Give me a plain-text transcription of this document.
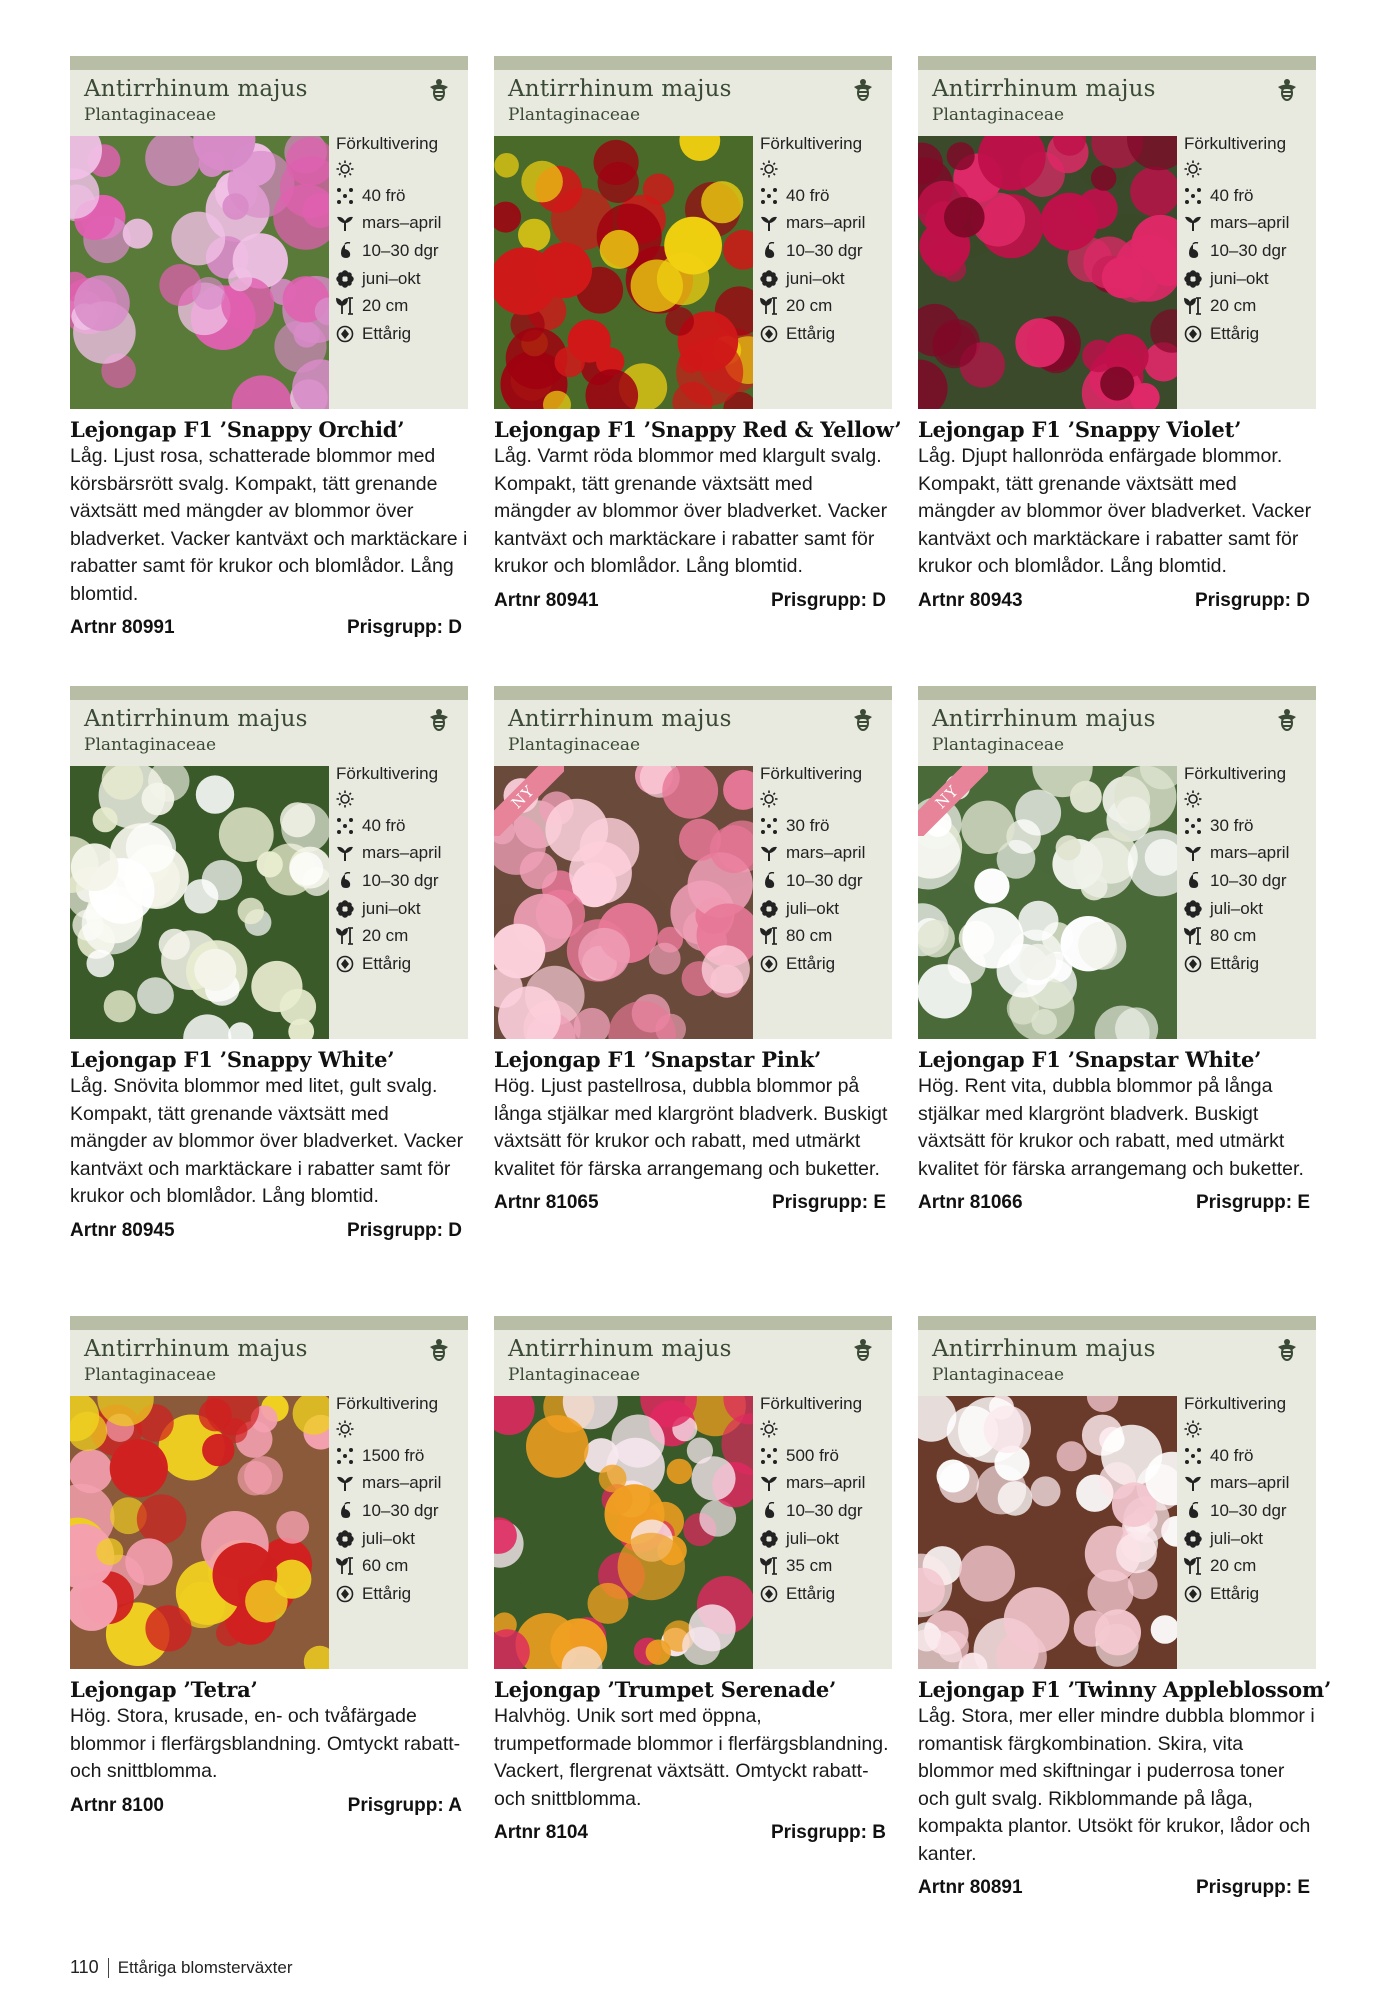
Antirrhinum majus
Plantaginaceae
Förkultivering
40 frö
mars–april
10–30 dgr
juni–okt
20 cm
Ettårig
Lejongap F1 ’Snappy Orchid’
Låg. Ljust rosa, schatterade blommor med körsbärsrött svalg. Kompakt, tätt grenande växtsätt med mängder av blommor över bladverket. Vacker kantväxt och marktäckare i rabatter samt för krukor och blomlådor. Lång blomtid.
Artnr 80991	Prisgrupp: D
Antirrhinum majus
Plantaginaceae
Förkultivering
40 frö
mars–april
10–30 dgr
juni–okt
20 cm
Ettårig
Lejongap F1 ’Snappy Red & Yellow’
Låg. Varmt röda blommor med klargult svalg. Kompakt, tätt grenande växtsätt med mängder av blommor över bladverket. Vacker kantväxt och marktäckare i rabatter samt för krukor och blomlådor. Lång blomtid.
Artnr 80941	Prisgrupp: D
Antirrhinum majus
Plantaginaceae
Förkultivering
40 frö
mars–april
10–30 dgr
juni–okt
20 cm
Ettårig
Lejongap F1 ’Snappy Violet’
Låg. Djupt hallonröda enfärgade blommor. Kompakt, tätt grenande växtsätt med mängder av blommor över bladverket. Vacker kantväxt och marktäckare i rabatter samt för krukor och blomlådor. Lång blomtid.
Artnr 80943	Prisgrupp: D
Antirrhinum majus
Plantaginaceae
Förkultivering
40 frö
mars–april
10–30 dgr
juni–okt
20 cm
Ettårig
Lejongap F1 ’Snappy White’
Låg. Snövita blommor med litet, gult svalg. Kompakt, tätt grenande växtsätt med mängder av blommor över bladverket. Vacker kantväxt och marktäckare i rabatter samt för krukor och blomlådor. Lång blomtid.
Artnr 80945	Prisgrupp: D
Antirrhinum majus
Plantaginaceae
NY
Förkultivering
30 frö
mars–april
10–30 dgr
juli–okt
80 cm
Ettårig
Lejongap F1 ’Snapstar Pink’
Hög. Ljust pastellrosa, dubbla blommor på långa stjälkar med klargrönt bladverk. Buskigt växtsätt för krukor och rabatt, med utmärkt kvalitet för färska arrangemang och buketter.
Artnr 81065	Prisgrupp: E
Antirrhinum majus
Plantaginaceae
NY
Förkultivering
30 frö
mars–april
10–30 dgr
juli–okt
80 cm
Ettårig
Lejongap F1 ’Snapstar White’
Hög. Rent vita, dubbla blommor på långa stjälkar med klargrönt bladverk. Buskigt växtsätt för krukor och rabatt, med utmärkt kvalitet för färska arrangemang och buketter.
Artnr 81066	Prisgrupp: E
Antirrhinum majus
Plantaginaceae
Förkultivering
1500 frö
mars–april
10–30 dgr
juli–okt
60 cm
Ettårig
Lejongap ’Tetra’
Hög. Stora, krusade, en- och tvåfärgade blommor i flerfärgsblandning. Omtyckt rabatt- och snittblomma.
Artnr 8100	Prisgrupp: A
Antirrhinum majus
Plantaginaceae
Förkultivering
500 frö
mars–april
10–30 dgr
juli–okt
35 cm
Ettårig
Lejongap ’Trumpet Serenade’
Halvhög. Unik sort med öppna, trumpetformade blommor i flerfärgsblandning. Vackert, flergrenat växtsätt. Omtyckt rabatt- och snittblomma.
Artnr 8104	Prisgrupp: B
Antirrhinum majus
Plantaginaceae
Förkultivering
40 frö
mars–april
10–30 dgr
juli–okt
20 cm
Ettårig
Lejongap F1 ’Twinny Appleblossom’
Låg. Stora, mer eller mindre dubbla blommor i romantisk färgkombination. Skira, vita blommor med skiftningar i puderrosa toner och gult svalg. Rikblommande på låga, kompakta plantor. Utsökt för krukor, lådor och kanter.
Artnr 80891	Prisgrupp: E
110 Ettåriga blomsterväxter
